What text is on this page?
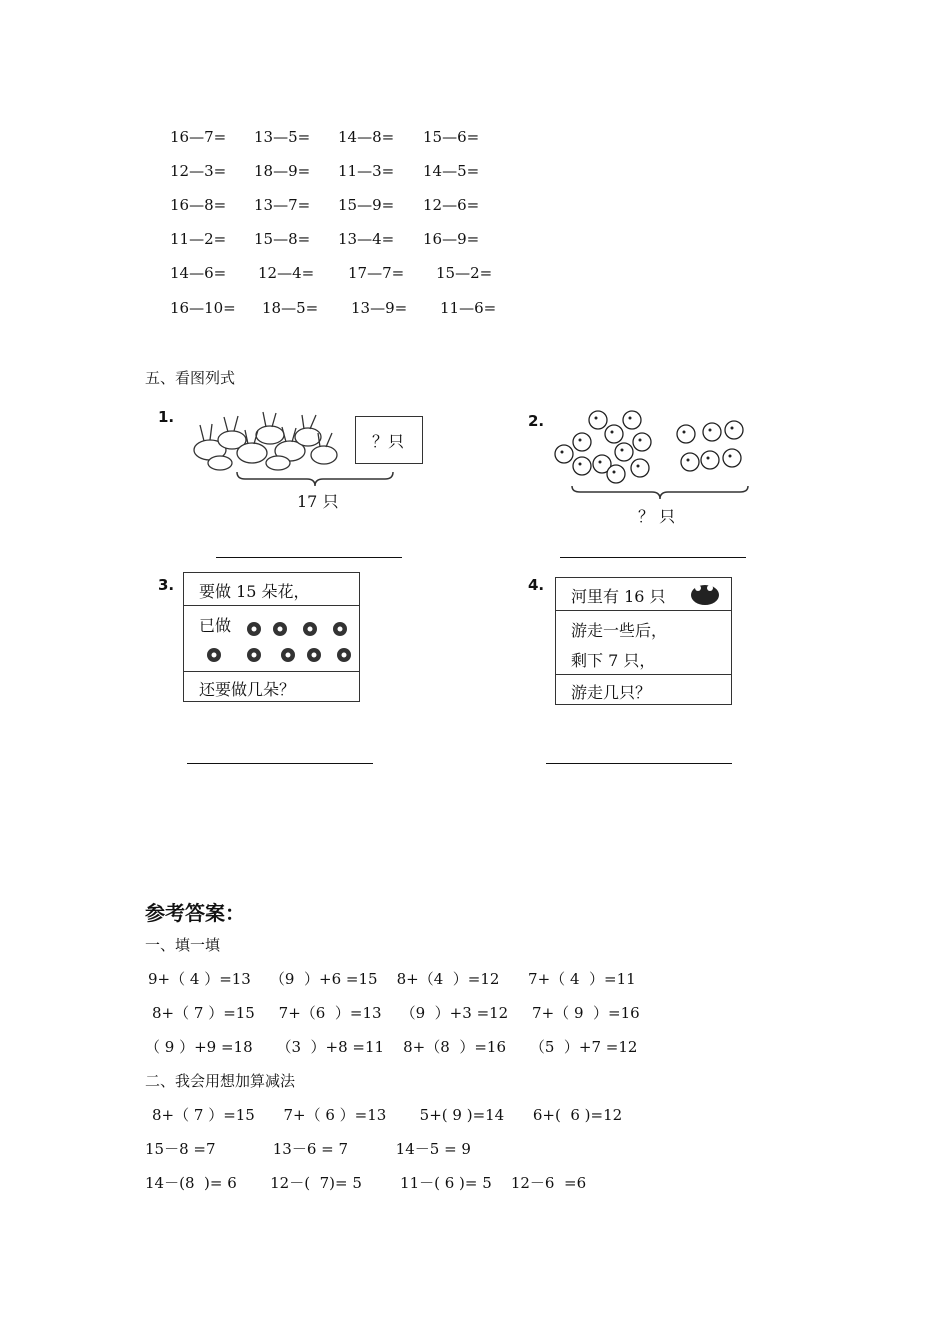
16—7= 13—5= 14—8= 15—6=
12—3= 18—9= 11—3= 14—5=
16—8= 13—7= 15—9= 12—6=
11—2= 15—8= 13—4= 16—9=
14—6= 12—4= 17—7= 15—2=
16—10= 18—5= 13—9= 11—6=
五、看图列式
1.
？只
17 只
2.
？ 只
3. 要做 15 朵花，
已做
还要做几朵？
4.
河里有 16 只
游走一些后，
剩下 7 只，
游走几只？
参考答案：
一、填一填
9+（ 4 ）=13    （9  ）+6 =15    8+（4  ）=12      7+（ 4  ）=11
8+（ 7 ）=15     7+（6  ）=13    （9  ）+3 =12     7+（ 9  ）=16
（ 9 ）+9 =18     （3  ）+8 =11    8+（8  ）=16     （5  ）+7 =12
二、我会用想加算减法
8+（ 7 ）=15      7+（ 6 ）=13       5+( 9 )=14      6+(  6 )=12
15－8 =7            13－6 = 7          14－5 = 9
14－(8  )= 6       12－(  7)= 5        11－( 6 )= 5    12－6  =6
